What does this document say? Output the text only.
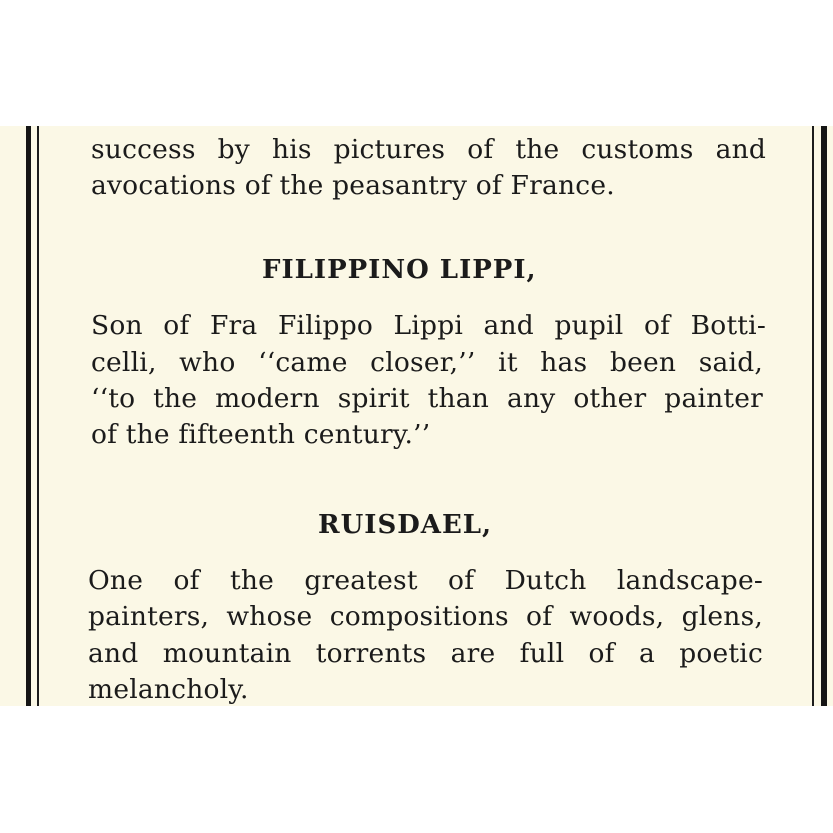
success by his pictures of the customs and
avocations of the peasantry of France.
FILIPPINO LIPPI,
Son of Fra Filippo Lippi and pupil of Botti-
celli, who ‘‘came closer,’’ it has been said,
‘‘to the modern spirit than any other painter
of the fifteenth century.’’
RUISDAEL,
One of the greatest of Dutch landscape-
painters, whose compositions of woods, glens,
and mountain torrents are full of a poetic
melancholy.
